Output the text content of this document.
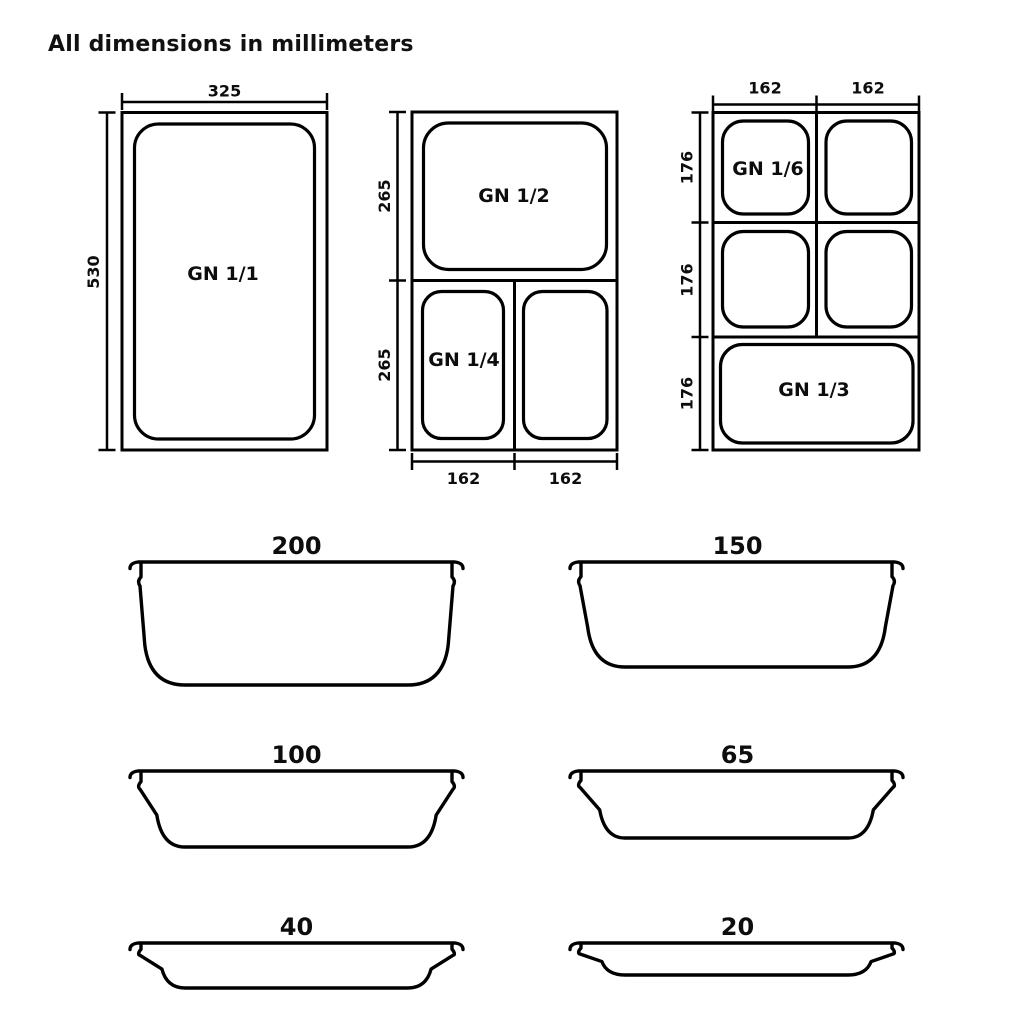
All dimensions in millimeters
GN 1/1
325
530
GN 1/2
GN 1/4
265
265
162	162
GN 1/6
GN 1/3
162	162
176
176
176
200	150
100	65
40	20
